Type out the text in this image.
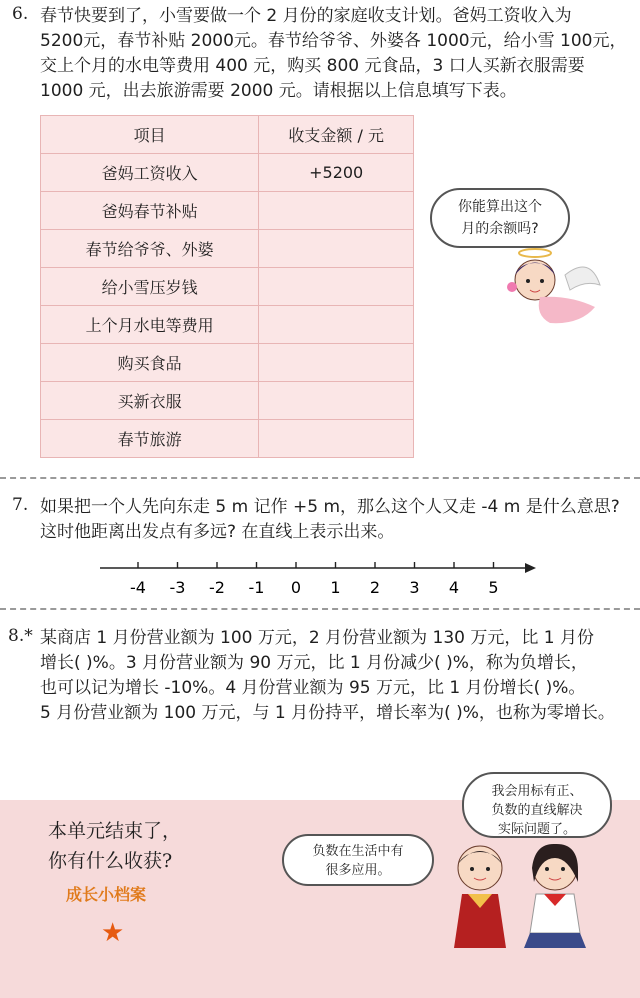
6. 春节快要到了，小雪要做一个 2 月份的家庭收支计划。爸妈工资收入为
5200元，春节补贴 2000元。春节给爷爷、外婆各 1000元，给小雪 100元，
交上个月的水电等费用 400 元，购买 800 元食品，3 口人买新衣服需要
1000 元，出去旅游需要 2000 元。请根据以上信息填写下表。
项目	收支金额 / 元
爸妈工资收入	+5200
爸妈春节补贴	
春节给爷爷、外婆	
给小雪压岁钱	
上个月水电等费用	
购买食品	
买新衣服	
春节旅游	
你能算出这个
月的余额吗?
7. 如果把一个人先向东走 5 m 记作 +5 m，那么这个人又走 -4 m 是什么意思?
这时他距离出发点有多远? 在直线上表示出来。
-4 -3 -2 -1 0 1 2 3 4 5
8.* 某商店 1 月份营业额为 100 万元，2 月份营业额为 130 万元，比 1 月份
增长( )%。3 月份营业额为 90 万元，比 1 月份减少( )%，称为负增长，
也可以记为增长 -10%。4 月份营业额为 95 万元，比 1 月份增长( )%。
5 月份营业额为 100 万元，与 1 月份持平，增长率为( )%，也称为零增长。
本单元结束了，
你有什么收获?
成长小档案
★
我会用标有正、
负数的直线解决
实际问题了。
负数在生活中有
很多应用。
